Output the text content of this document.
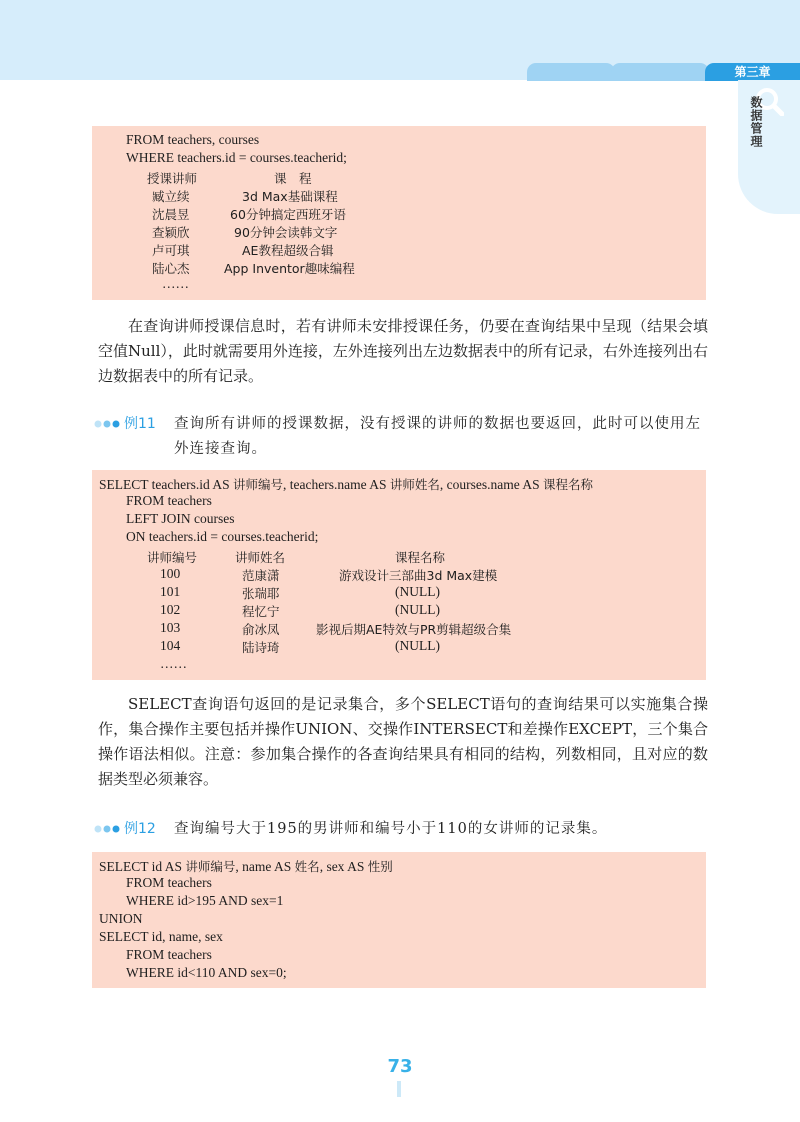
第三章
数据管理
FROM teachers, courses
WHERE teachers.id = courses.teacherid;
授课讲师	课　程
臧立续	3d Max基础课程
沈晨昱	60分钟搞定西班牙语
查颖欣	90分钟会读韩文字
卢可琪	AE教程超级合辑
陆心杰	App Inventor趣味编程
……

在查询讲师授课信息时，若有讲师未安排授课任务，仍要在查询结果中呈现（结果会填空值Null），此时就需要用外连接，左外连接列出左边数据表中的所有记录，右外连接列出右边数据表中的所有记录。

例11 查询所有讲师的授课数据，没有授课的讲师的数据也要返回，此时可以使用左外连接查询。
SELECT teachers.id AS 讲师编号, teachers.name AS 讲师姓名, courses.name AS 课程名称
FROM teachers
LEFT JOIN courses
ON teachers.id = courses.teacherid;
讲师编号	讲师姓名	课程名称
100	范康潇	游戏设计三部曲3d Max建模
101	张瑞耶	(NULL)
102	程忆宁	(NULL)
103	俞冰凤	影视后期AE特效与PR剪辑超级合集
104	陆诗琦	(NULL)
……

SELECT查询语句返回的是记录集合，多个SELECT语句的查询结果可以实施集合操作，集合操作主要包括并操作UNION、交操作INTERSECT和差操作EXCEPT，三个集合操作语法相似。注意：参加集合操作的各查询结果具有相同的结构，列数相同，且对应的数据类型必须兼容。

例12 查询编号大于195的男讲师和编号小于110的女讲师的记录集。
SELECT id AS 讲师编号, name AS 姓名, sex AS 性别
FROM teachers
WHERE id>195 AND sex=1
UNION
SELECT id, name, sex
FROM teachers
WHERE id<110 AND sex=0;
73
